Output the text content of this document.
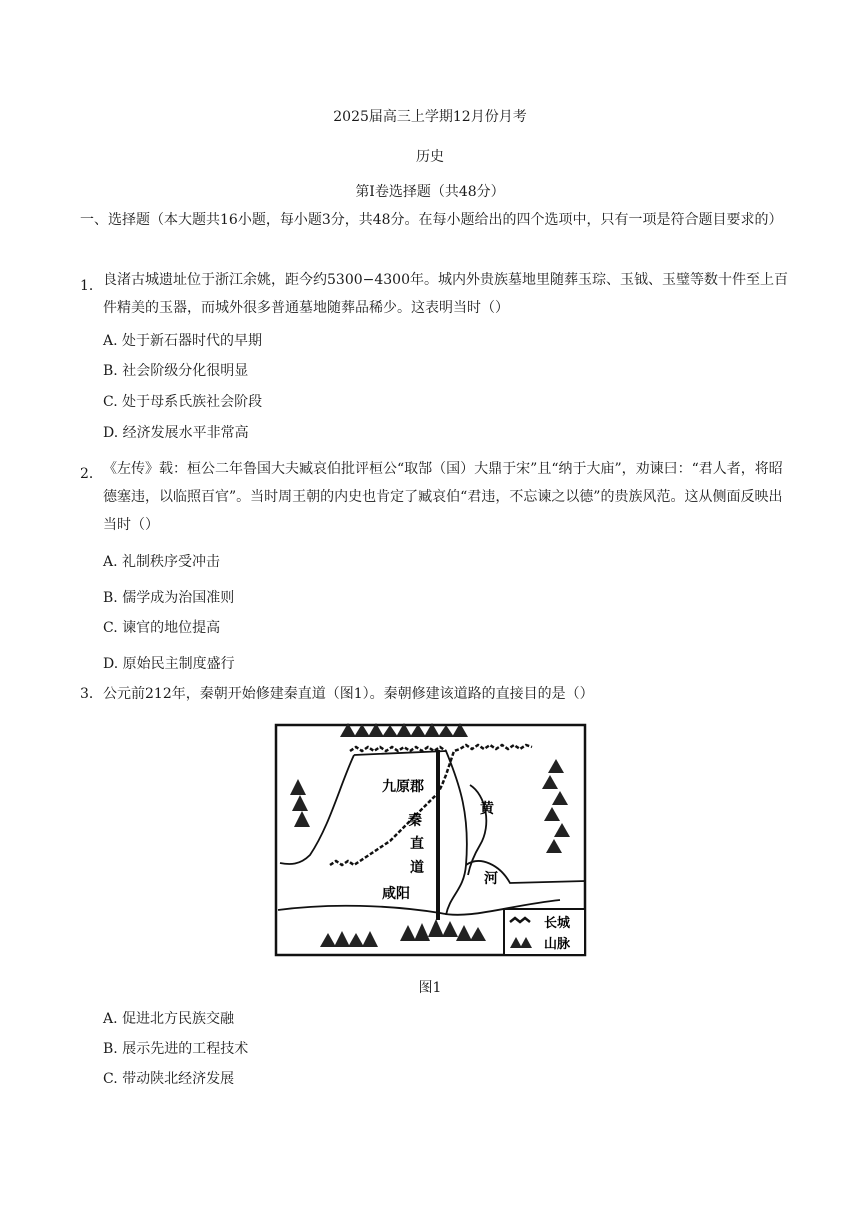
2025届高三上学期12月份月考
历史
第I卷选择题（共48分）
一、选择题（本大题共16小题，每小题3分，共48分。在每小题给出的四个选项中，只有一项是符合题目要求的）
1． 良渚古城遗址位于浙江余姚，距今约5300−4300年。城内外贵族墓地里随葬玉琮、玉钺、玉璧等数十件至上百件精美的玉器，而城外很多普通墓地随葬品稀少。这表明当时（）
A. 处于新石器时代的早期
B. 社会阶级分化很明显
C. 处于母系氏族社会阶段
D. 经济发展水平非常高
2． 《左传》载：桓公二年鲁国大夫臧哀伯批评桓公“取郜（国）大鼎于宋”且“纳于大庙”，劝谏曰：“君人者，将昭德塞违，以临照百官”。当时周王朝的内史也肯定了臧哀伯“君违，不忘谏之以德”的贵族风范。这从侧面反映出当时（）
A. 礼制秩序受冲击
B. 儒学成为治国准则
C. 谏官的地位提高
D. 原始民主制度盛行
3． 公元前212年，秦朝开始修建秦直道（图1）。秦朝修建该道路的直接目的是（）
九原郡
秦
直
道
咸阳
黄
河
长城
山脉
图1
A. 促进北方民族交融
B. 展示先进的工程技术
C. 带动陕北经济发展
